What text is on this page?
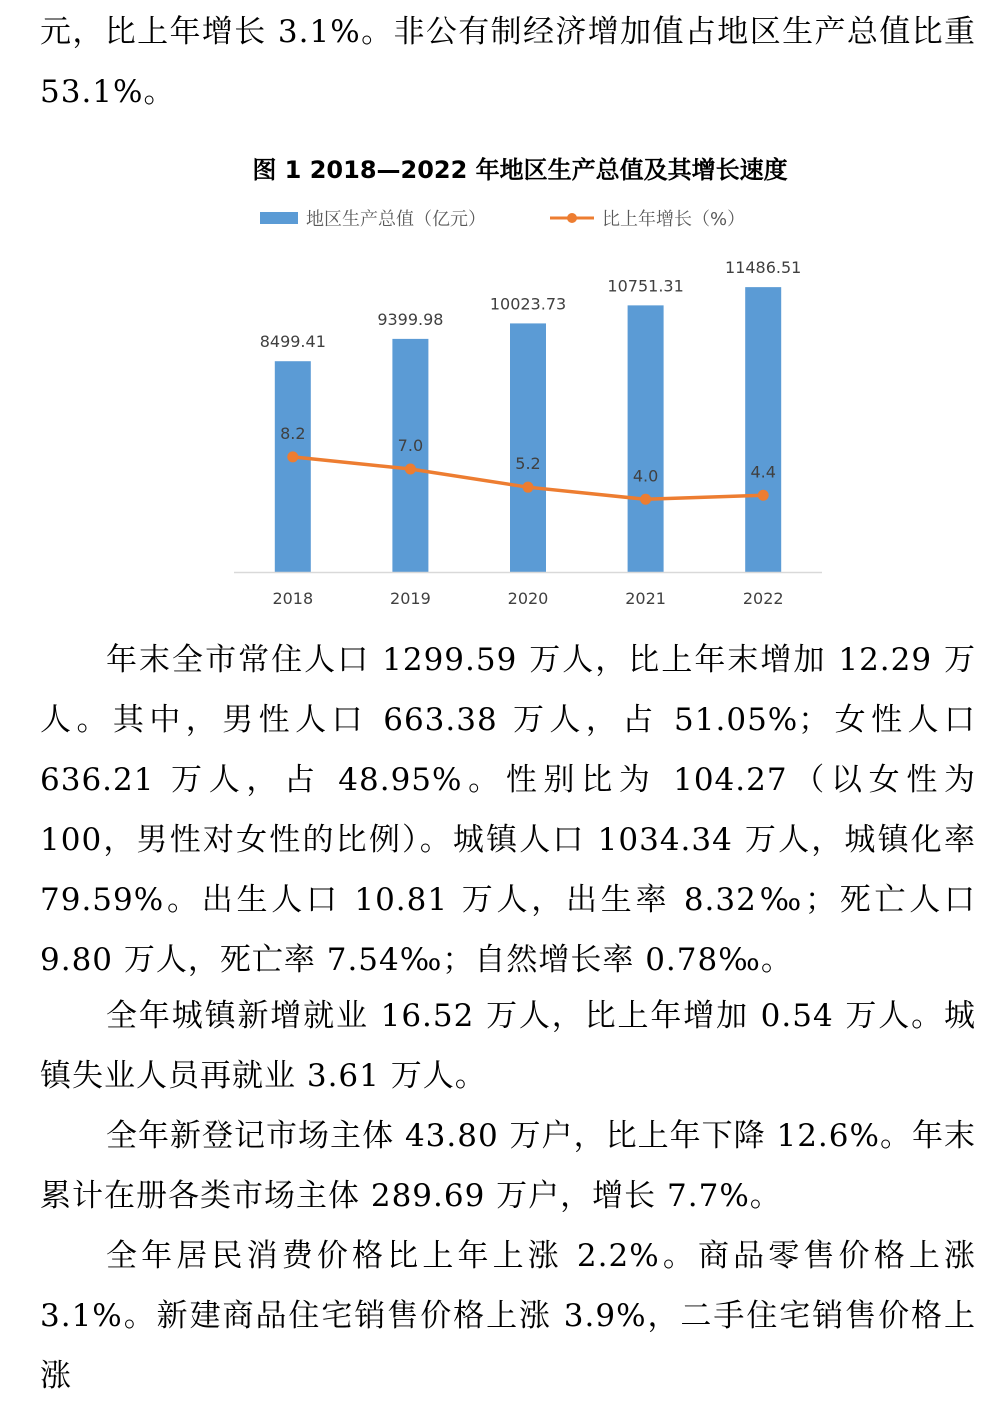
元，比上年增长 3.1%。非公有制经济增加值占地区生产总值比重53.1%。

地区生产总值（亿元）	比上年增长（%）
8499.41
9399.98
10023.73
10751.31
11486.51
2018	2019	2020	2021	2022
8.2
7.0
5.2
4.0	4.4
图 1 2018—2022 年地区生产总值及其增长速度

年末全市常住人口 1299.59 万人，比上年末增加 12.29 万人。其中，男性人口 663.38 万人，占 51.05%；女性人口 636.21 万人，占 48.95%。性别比为 104.27（以女性为 100，男性对女性的比例）。城镇人口 1034.34 万人，城镇化率 79.59%。出生人口 10.81 万人，出生率 8.32‰；死亡人口 9.80 万人，死亡率 7.54‰；自然增长率 0.78‰。

全年城镇新增就业 16.52 万人，比上年增加 0.54 万人。城镇失业人员再就业 3.61 万人。

全年新登记市场主体 43.80 万户，比上年下降 12.6%。年末累计在册各类市场主体 289.69 万户，增长 7.7%。

全年居民消费价格比上年上涨 2.2%。商品零售价格上涨3.1%。新建商品住宅销售价格上涨 3.9%，二手住宅销售价格上涨
